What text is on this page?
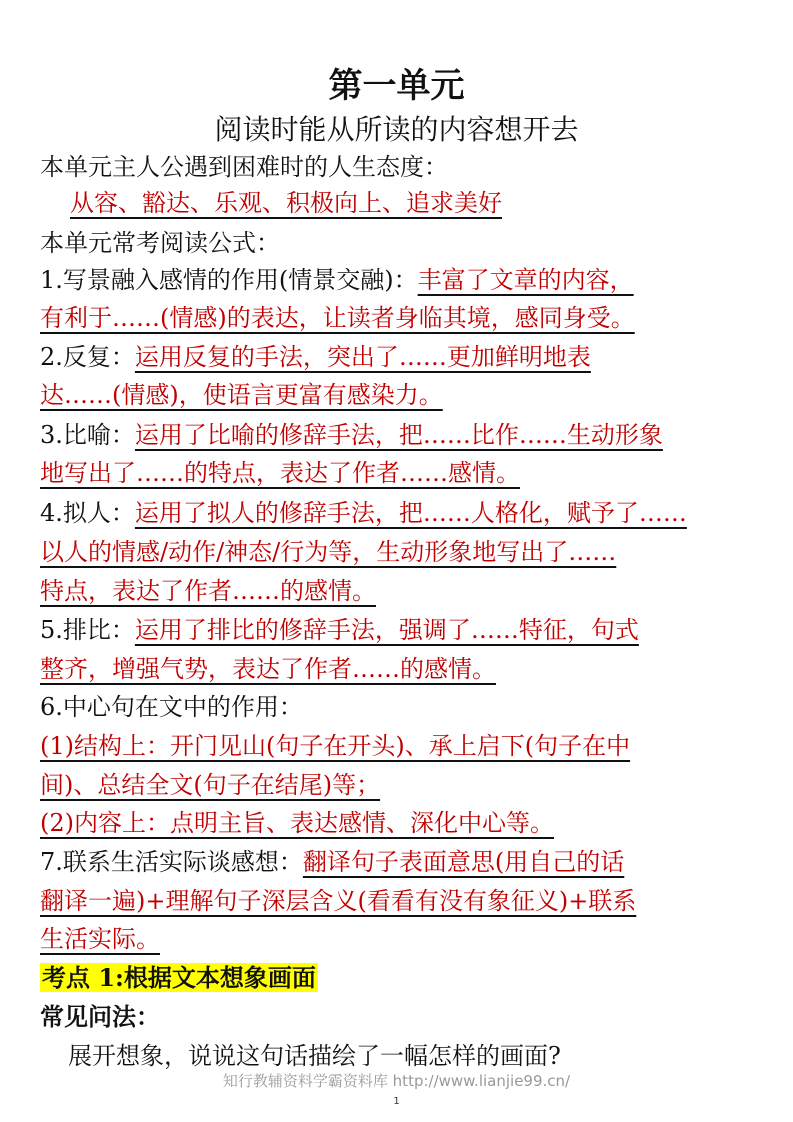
第一单元
阅读时能从所读的内容想开去
本单元主人公遇到困难时的人生态度：
从容、豁达、乐观、积极向上、追求美好
本单元常考阅读公式：
1.写景融入感情的作用(情景交融)：丰富了文章的内容，
有利于……(情感)的表达，让读者身临其境，感同身受。
2.反复：运用反复的手法，突出了……更加鲜明地表
达……(情感)，使语言更富有感染力。
3.比喻：运用了比喻的修辞手法，把……比作……生动形象
地写出了……的特点，表达了作者……感情。
4.拟人：运用了拟人的修辞手法，把……人格化，赋予了……
以人的情感/动作/神态/行为等，生动形象地写出了……
特点，表达了作者……的感情。
5.排比：运用了排比的修辞手法，强调了……特征，句式
整齐，增强气势，表达了作者……的感情。
6.中心句在文中的作用：
(1)结构上：开门见山(句子在开头)、承上启下(句子在中
间)、总结全文(句子在结尾)等；
(2)内容上：点明主旨、表达感情、深化中心等。
7.联系生活实际谈感想：翻译句子表面意思(用自己的话
翻译一遍)+理解句子深层含义(看看有没有象征义)+联系
生活实际。
考点 1:根据文本想象画面
常见问法：
展开想象，说说这句话描绘了一幅怎样的画面?
知行教辅资料学霸资料库 http://www.lianjie99.cn/
1
